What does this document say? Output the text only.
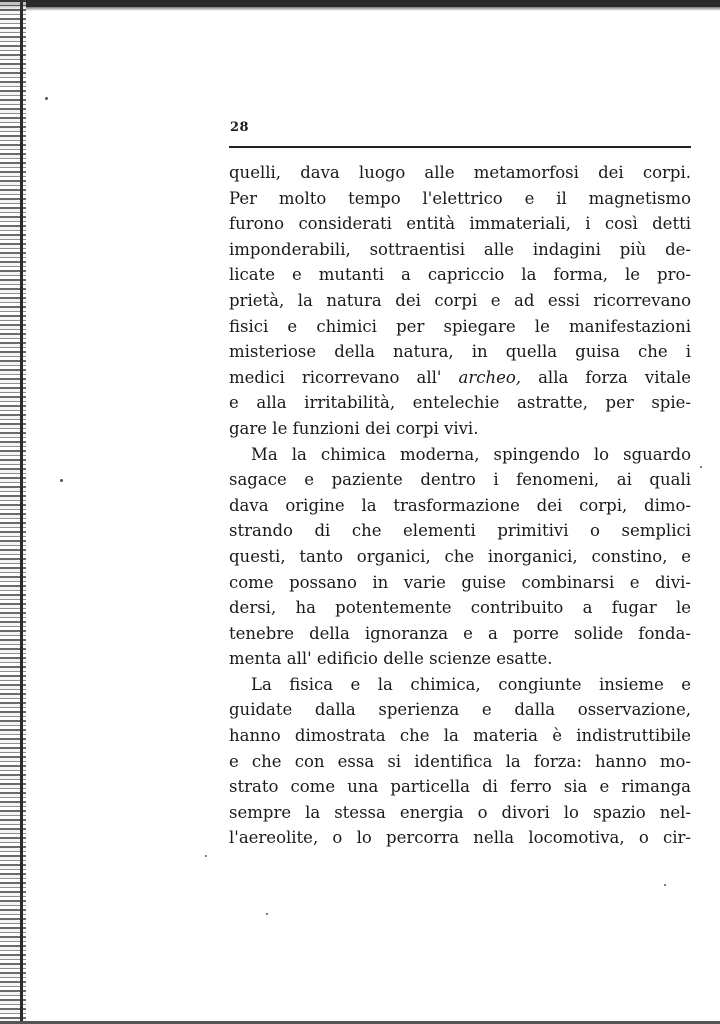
28
quelli, dava luogo alle metamorfosi dei corpi.
Per molto tempo l'elettrico e il magnetismo
furono considerati entità immateriali, i così detti
imponderabili, sottraentisi alle indagini più de-
licate e mutanti a capriccio la forma, le pro-
prietà, la natura dei corpi e ad essi ricorrevano
fisici e chimici per spiegare le manifestazioni
misteriose della natura, in quella guisa che i
medici ricorrevano all' archeo, alla forza vitale
e alla irritabilità, entelechie astratte, per spie-
gare le funzioni dei corpi vivi.
Ma la chimica moderna, spingendo lo sguardo
sagace e paziente dentro i fenomeni, ai quali
dava origine la trasformazione dei corpi, dimo-
strando di che elementi primitivi o semplici
questi, tanto organici, che inorganici, constino, e
come possano in varie guise combinarsi e divi-
dersi, ha potentemente contribuito a fugar le
tenebre della ignoranza e a porre solide fonda-
menta all' edificio delle scienze esatte.
La fisica e la chimica, congiunte insieme e
guidate dalla sperienza e dalla osservazione,
hanno dimostrata che la materia è indistruttibile
e che con essa si identifica la forza: hanno mo-
strato come una particella di ferro sia e rimanga
sempre la stessa energia o divori lo spazio nel-
l'aereolite, o lo percorra nella locomotiva, o cir-
